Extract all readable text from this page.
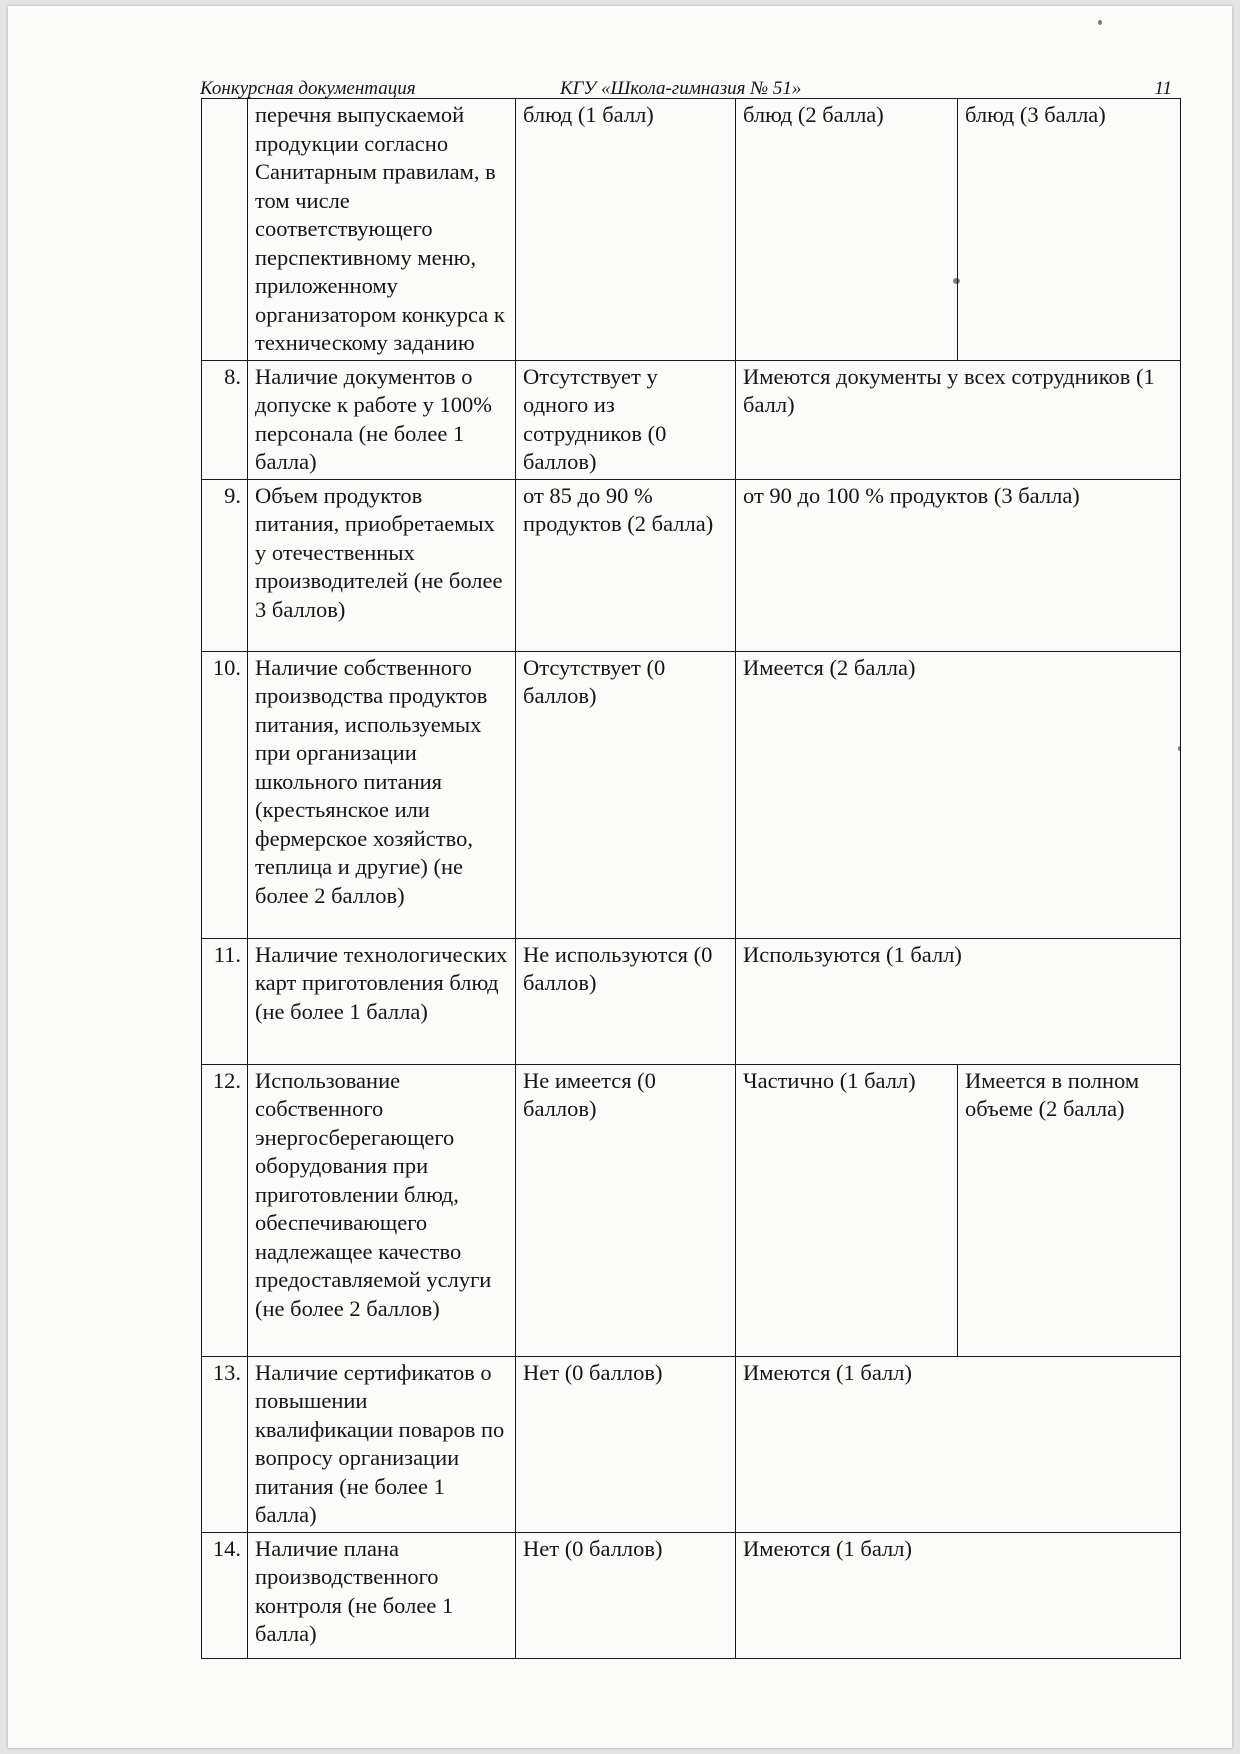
Конкурсная документация	КГУ «Школа-гимназия № 51»	11
	перечня выпускаемой продукции согласно Санитарным правилам, в том числе соответствующего перспективному меню, приложенному организатором конкурса к техническому заданию	блюд (1 балл)	блюд (2 балла)	блюд (3 балла)
8.	Наличие документов о допуске к работе у 100% персонала (не более 1 балла)	Отсутствует у одного из сотрудников (0 баллов)	Имеются документы у всех сотрудников (1 балл)	
9.	Объем продуктов питания, приобретаемых у отечественных производителей (не более 3 баллов)	от 85 до 90 % продуктов (2 балла)	от 90 до 100 % продуктов (3 балла)	
10.	Наличие собственного производства продуктов питания, используемых при организации школьного питания (крестьянское или фермерское хозяйство, теплица и другие) (не более 2 баллов)	Отсутствует (0 баллов)	Имеется (2 балла)	
11.	Наличие технологических карт приготовления блюд (не более 1 балла)	Не используются (0 баллов)	Используются (1 балл)	
12.	Использование собственного энергосберегающего оборудования при приготовлении блюд, обеспечивающего надлежащее качество предоставляемой услуги (не более 2 баллов)	Не имеется (0 баллов)	Частично (1 балл)	Имеется в полном объеме (2 балла)
13.	Наличие сертификатов о повышении квалификации поваров по вопросу организации питания (не более 1 балла)	Нет (0 баллов)	Имеются (1 балл)	
14.	Наличие плана производственного контроля (не более 1 балла)	Нет (0 баллов)	Имеются (1 балл)	
